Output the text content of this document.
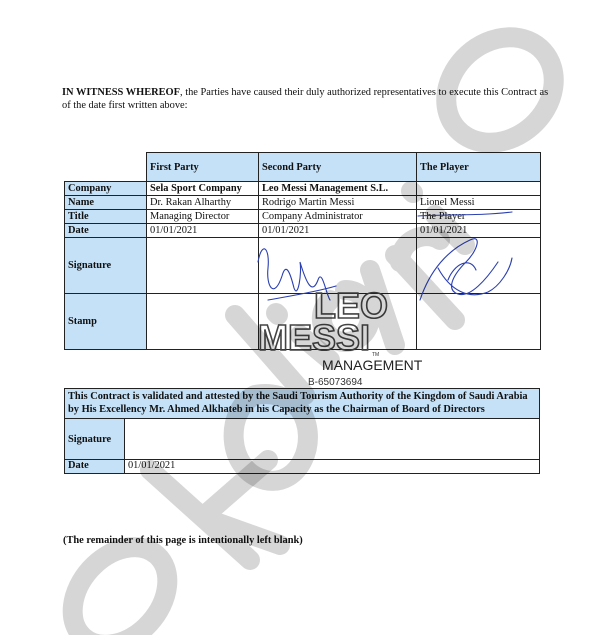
IN WITNESS WHEREOF, the Parties have caused their duly authorized representatives to execute this Contract as of the date first written above:
	First Party	Second Party	The Player
Company	Sela Sport Company	Leo Messi Management S.L.	
Name	Dr. Rakan Alharthy	Rodrigo Martin Messi	Lionel Messi
Title	Managing Director	Company Administrator	The Player
Date	01/01/2021	01/01/2021	01/01/2021
Signature			
Stamp				LEO
MESSI TM
MANAGEMENT
B-65073694
This Contract is validated and attested by the Saudi Tourism Authority of the Kingdom of Saudi Arabia by His Excellency Mr. Ahmed Alkhateb in his Capacity as the Chairman of Board of Directors	
Signature	
Date	01/01/2021
(The remainder of this page is intentionally left blank)
